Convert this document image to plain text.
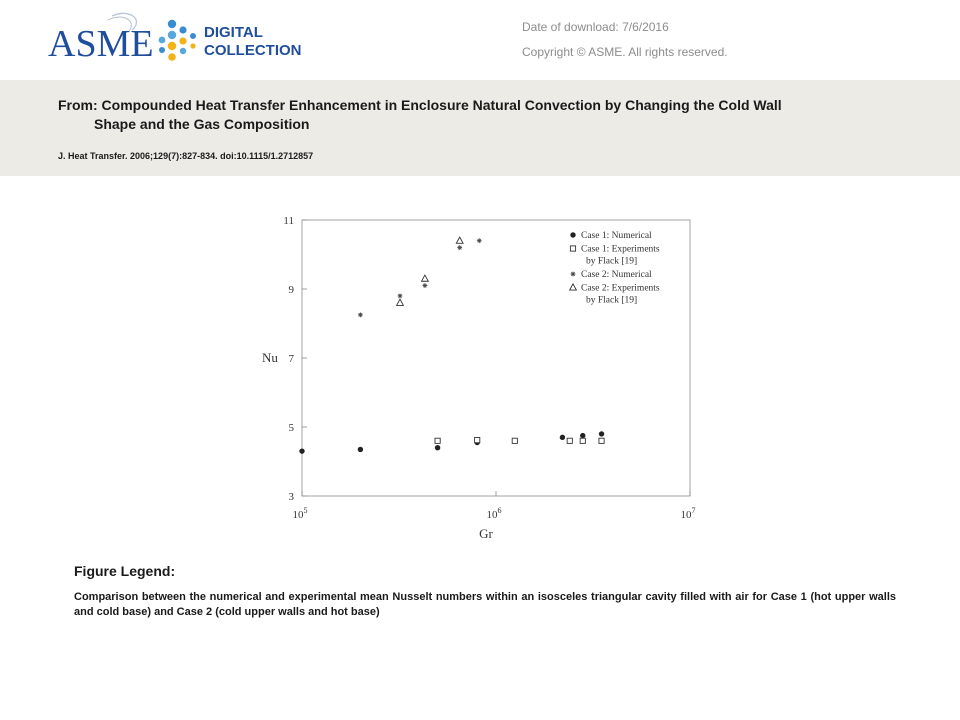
ASME	DIGITAL
COLLECTION
Date of download: 7/6/2016
Copyright © ASME. All rights reserved.
From: Compounded Heat Transfer Enhancement in Enclosure Natural Convection by Changing the Cold Wall
Shape and the Gas Composition
J. Heat Transfer. 2006;129(7):827-834. doi:10.1115/1.2712857
3
5
7
9
11
$10^5$	$10^6$	$10^7$
Case 1: Numerical
Case 1: Experiments
by Flack [19]
Case 2: Numerical
Case 2: Experiments
by Flack [19]
Nu
Gr
Figure Legend:
Comparison between the numerical and experimental mean Nusselt numbers within an isosceles triangular cavity filled with air for Case 1 (hot upper walls and cold base) and Case 2 (cold upper walls and hot base)
